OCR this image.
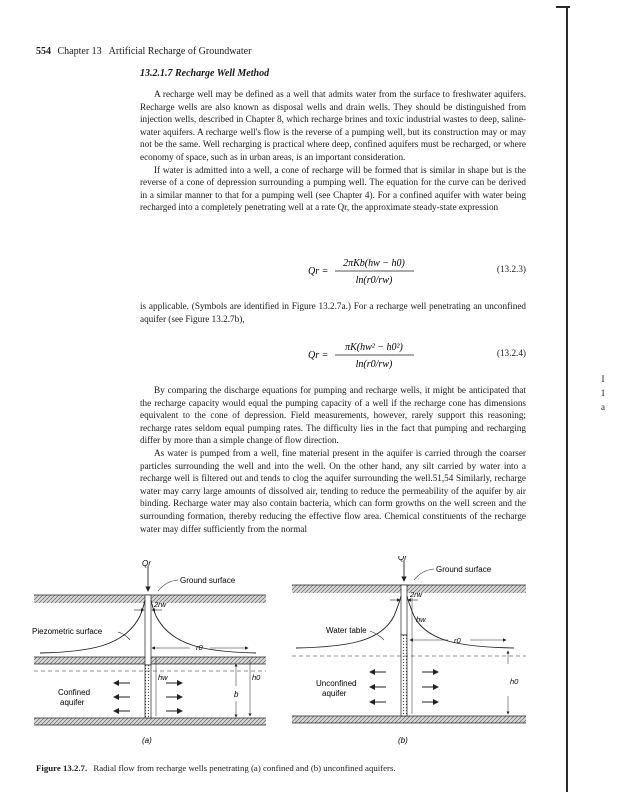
I
1
a
554 Chapter 13 Artificial Recharge of Groundwater
13.2.1.7 Recharge Well Method

A recharge well may be defined as a well that admits water from the surface to freshwater aquifers. Recharge wells are also known as disposal wells and drain wells. They should be distinguished from injection wells, described in Chapter 8, which recharge brines and toxic industrial wastes to deep, saline-water aquifers. A recharge well's flow is the reverse of a pumping well, but its construction may or may not be the same. Well recharging is practical where deep, confined aquifers must be recharged, or where economy of space, such as in urban areas, is an important consideration.

If water is admitted into a well, a cone of recharge will be formed that is similar in shape but is the reverse of a cone of depression surrounding a pumping well. The equation for the curve can be derived in a similar manner to that for a pumping well (see Chapter 4). For a confined aquifer with water being recharged into a completely penetrating well at a rate Qr, the approximate steady-state expression

Qr =
2πKb(hw − h0)
ln(r0/rw)
(13.2.3)

is applicable. (Symbols are identified in Figure 13.2.7a.) For a recharge well penetrating an unconfined aquifer (see Figure 13.2.7b),

Qr =
πK(hw² − h0²)
ln(r0/rw)
(13.2.4)

By comparing the discharge equations for pumping and recharge wells, it might be anticipated that the recharge capacity would equal the pumping capacity of a well if the recharge cone has dimensions equivalent to the cone of depression. Field measurements, however, rarely support this reasoning; recharge rates seldom equal pumping rates. The difficulty lies in the fact that pumping and recharging differ by more than a simple change of flow direction.

As water is pumped from a well, fine material present in the aquifer is carried through the coarser particles surrounding the well and into the well. On the other hand, any silt carried by water into a recharge well is filtered out and tends to clog the aquifer surrounding the well.51,54 Similarly, recharge water may carry large amounts of dissolved air, tending to reduce the permeability of the aquifer by air binding. Recharge water may also contain bacteria, which can form growths on the well screen and the surrounding formation, thereby reducing the effective flow area. Chemical constituents of the recharge water may differ sufficiently from the normal

Qr
Ground surface
2rw
Piezometric surface
r0
hw	h0
b
Confined
aquifer
(a)
Qr
Ground surface
2rw
Water table
hw
r0
h0
Unconfined
aquifer
(b)
Figure 13.2.7. Radial flow from recharge wells penetrating (a) confined and (b) unconfined aquifers.
